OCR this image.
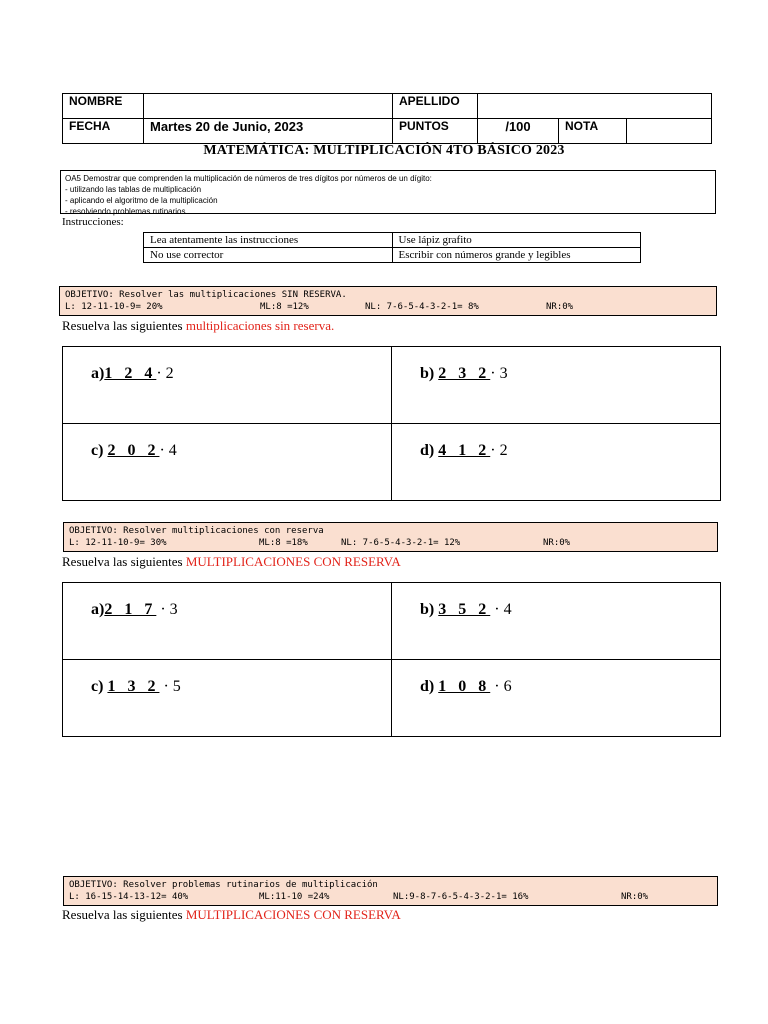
NOMBRE		APELLIDO			
FECHA	Martes 20 de Junio, 2023	PUNTOS	/100	NOTA	
MATEMÁTICA: MULTIPLICACIÓN 4TO BÁSICO 2023
OA5 Demostrar que comprenden la multiplicación de números de tres dígitos por números de un dígito:
- utilizando las tablas de multiplicación
- aplicando el algoritmo de la multiplicación
- resolviendo problemas rutinarios
Instrucciones:
Lea atentamente las instrucciones	Use lápiz grafito
No use corrector	Escribir con números grande y legibles
OBJETIVO: Resolver las multiplicaciones SIN RESERVA.
L: 12-11-10-9= 20%	ML:8 =12%	NL: 7-6-5-4-3-2-1= 8%	NR:0%
Resuelva las siguientes multiplicaciones sin reserva.
a)1 2 4· 2	b) 2 3 2· 3

c) 2 0 2· 4	d) 4 1 2· 2
OBJETIVO: Resolver multiplicaciones con reserva
L: 12-11-10-9= 30%	ML:8 =18%	NL: 7-6-5-4-3-2-1= 12%	NR:0%
Resuelva las siguientes MULTIPLICACIONES CON RESERVA
a)2 1 7 · 3	b) 3 5 2 · 4

c) 1 3 2 · 5	d) 1 0 8 · 6
OBJETIVO: Resolver problemas rutinarios de multiplicación
L: 16-15-14-13-12= 40%	ML:11-10 =24%	NL:9-8-7-6-5-4-3-2-1= 16%	NR:0%
Resuelva las siguientes MULTIPLICACIONES CON RESERVA
